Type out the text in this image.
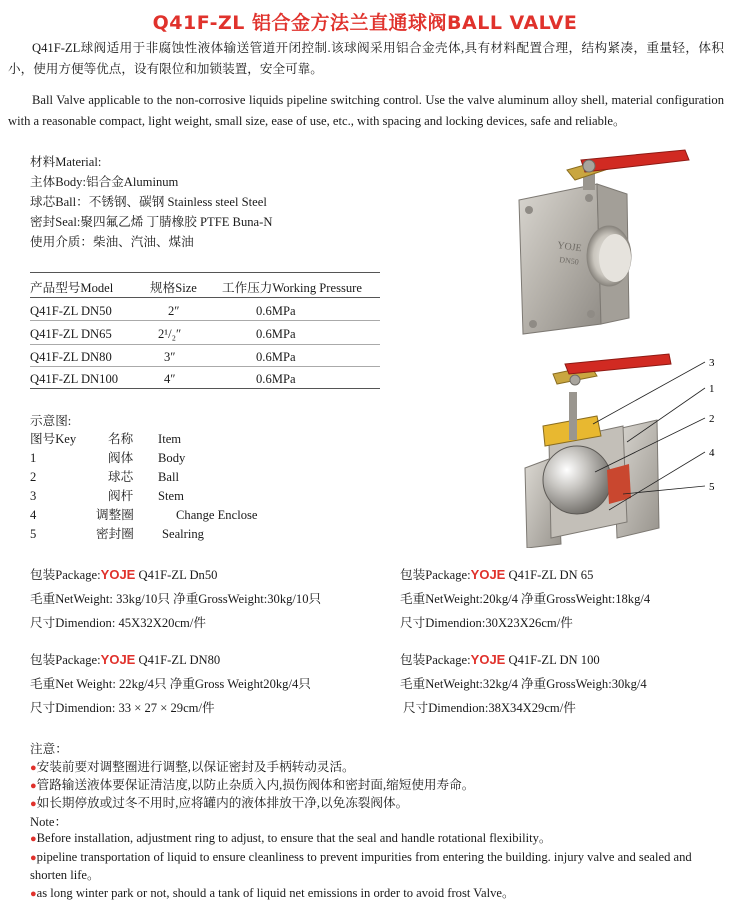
Q41F-ZL 铝合金方法兰直通球阀BALL VALVE
Q41F-ZL球阀适用于非腐蚀性液体输送管道开闭控制.该球阀采用铝合金壳体,具有材料配置合理，结构紧凑，重量轻，体积小，使用方便等优点，设有限位和加锁装置，安全可靠。
Ball Valve applicable to the non-corrosive liquids pipeline switching control. Use the valve aluminum alloy shell, material configuration with a reasonable compact, light weight, small size, ease of use, etc., with spacing and locking devices, safe and reliable。
材料Material:
主体Body:铝合金Aluminum
球芯Ball：不锈钢、碳钢 Stainless steel Steel
密封Seal:聚四氟乙烯 丁腈橡胶 PTFE Buna-N
使用介质：柴油、汽油、煤油
产品型号Model	规格Size 工作压力Working Pressure
Q41F-ZL DN50	2″	0.6MPa
Q41F-ZL DN65	2¹/₂″	0.6MPa
Q41F-ZL DN80	3″	0.6MPa
Q41F-ZL DN100	4″	0.6MPa
示意图:
图号Key	名称 Item
1	阀体 Body
2	球芯 Ball
3	阀杆 Stem
4	调整圈	Change Enclose
5	密封圈 Sealring
YOJE
DN50
3
1
2
4
5
包装Package:YOJE Q41F-ZL Dn50
毛重NetWeight: 33kg/10只 净重GrossWeight:30kg/10只
尺寸Dimendion: 45X32X20cm/件
包装Package:YOJE Q41F-ZL DN 65
毛重NetWeight:20kg/4 净重GrossWeight:18kg/4
尺寸Dimendion:30X23X26cm/件
包装Package:YOJE Q41F-ZL DN80
毛重Net Weight: 22kg/4只 净重Gross Weight20kg/4只
尺寸Dimendion: 33 × 27 × 29cm/件
包装Package:YOJE Q41F-ZL DN 100
毛重NetWeight:32kg/4 净重GrossWeigh:30kg/4
尺寸Dimendion:38X34X29cm/件
注意：
●安装前要对调整圈进行调整,以保证密封及手柄转动灵活。
●管路输送液体要保证清洁度,以防止杂质入内,损伤阀体和密封面,缩短使用寿命。
●如长期停放或过冬不用时,应将罐内的液体排放干净,以免冻裂阀体。
Note：
●Before installation, adjustment ring to adjust, to ensure that the seal and handle rotational flexibility。
●pipeline transportation of liquid to ensure cleanliness to prevent impurities from entering the building. injury valve and sealed and
shorten life。
●as long winter park or not, should a tank of liquid net emissions in order to avoid frost Valve。
